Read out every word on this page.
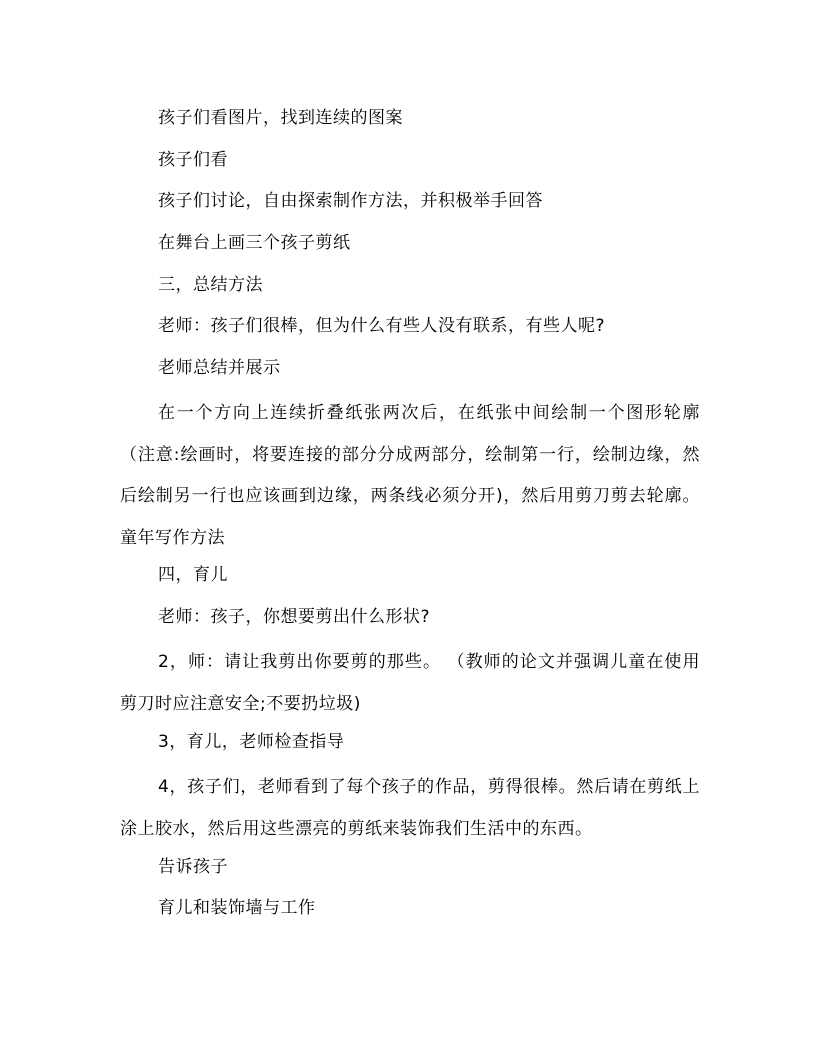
孩子们看图片，找到连续的图案

孩子们看

孩子们讨论，自由探索制作方法，并积极举手回答

在舞台上画三个孩子剪纸

三，总结方法

老师：孩子们很棒，但为什么有些人没有联系，有些人呢?

老师总结并展示

在一个方向上连续折叠纸张两次后，在纸张中间绘制一个图形轮廓（注意:绘画时，将要连接的部分分成两部分，绘制第一行，绘制边缘，然后绘制另一行也应该画到边缘，两条线必须分开)，然后用剪刀剪去轮廓。童年写作方法

四，育儿

老师：孩子，你想要剪出什么形状?

2，师：请让我剪出你要剪的那些。 （教师的论文并强调儿童在使用剪刀时应注意安全;不要扔垃圾)

3，育儿，老师检查指导

4，孩子们，老师看到了每个孩子的作品，剪得很棒。然后请在剪纸上涂上胶水，然后用这些漂亮的剪纸来装饰我们生活中的东西。

告诉孩子

育儿和装饰墙与工作
